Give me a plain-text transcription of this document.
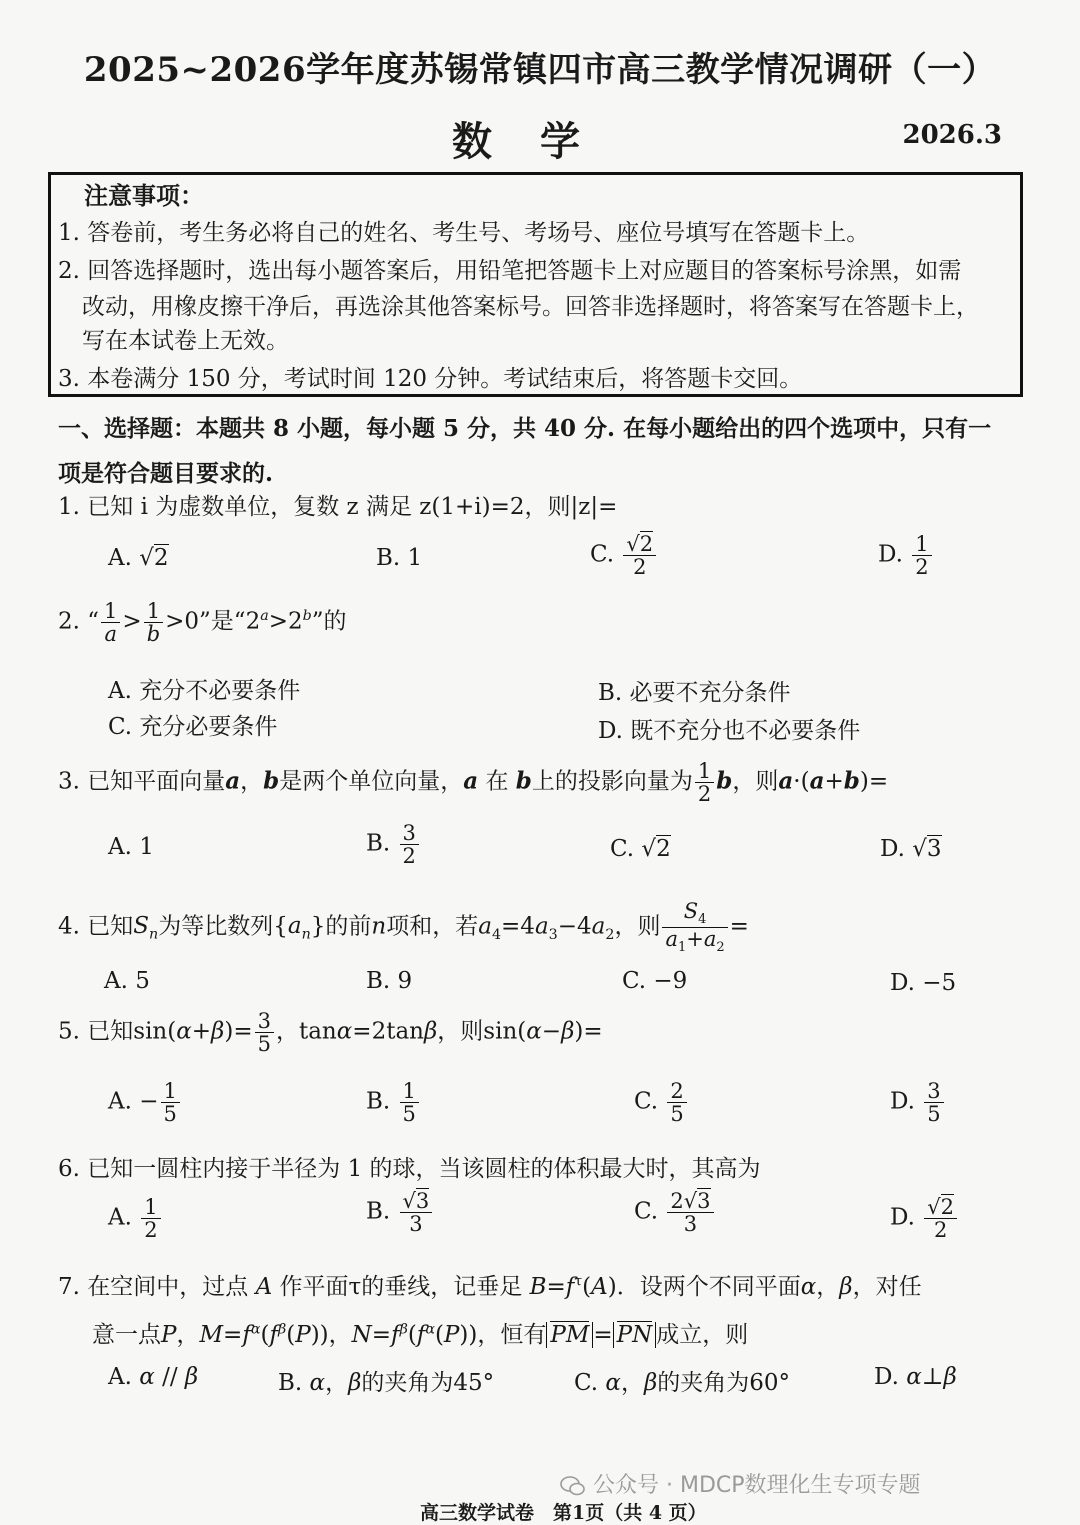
2025~2026学年度苏锡常镇四市高三教学情况调研（一）
数学	2026.3
注意事项：
1. 答卷前，考生务必将自己的姓名、考生号、考场号、座位号填写在答题卡上。
2. 回答选择题时，选出每小题答案后，用铅笔把答题卡上对应题目的答案标号涂黑，如需
改动，用橡皮擦干净后，再选涂其他答案标号。回答非选择题时，将答案写在答题卡上，
写在本试卷上无效。
3. 本卷满分 150 分，考试时间 120 分钟。考试结束后，将答题卡交回。
一、选择题：本题共 8 小题，每小题 5 分，共 40 分. 在每小题给出的四个选项中，只有一
项是符合题目要求的.
1. 已知 i 为虚数单位，复数 z 满足 z(1+i)=2，则|z|=
A. √2	B. 1	C. $\frac{√2}{2}$	D. $\frac{1}{2}$
2. “ $\frac{1}{a} > \frac{1}{b} >0$”是“$2^a>2^b$”的
A. 充分不必要条件	B. 必要不充分条件
C. 充分必要条件	D. 既不充分也不必要条件
3. 已知平面向量a，b是两个单位向量，a 在 b上的投影向量为 $\frac{1}{2}$ b，则a·(a+b)=
A. 1	B. $\frac{3}{2}$	C. √2	D. √3
4. 已知$S_n$为等比数列$\{a_n\}$的前n项和，若$a_4=4a_3-4a_2$，则 $\frac{S_4}{a_1+a_2}$ =
A. 5	B. 9	C. −9	D. −5
5. 已知$\sin(\alpha+\beta)= \frac{3}{5}$ ，tanα=2tanβ，则sin(α−β)=
A. − $\frac{1}{5}$	B. $\frac{1}{5}$	C. $\frac{2}{5}$	D. $\frac{3}{5}$
6. 已知一圆柱内接于半径为 1 的球，当该圆柱的体积最大时，其高为
A. $\frac{1}{2}$	B. $\frac{√3}{3}$	C. $\frac{2√3}{3}$	D. $\frac{√2}{2}$
7. 在空间中，过点 A 作平面τ的垂线，记垂足 $B=f^\tau(A)$．设两个不同平面α，β，对任
意一点P，$M=f^\alpha(f^\beta(P))$，$N=f^\beta(f^\alpha(P))$，恒有 PM = PN 成立，则
A. α // β	B. α，β的夹角为45°	C. α，β的夹角为60°	D. α⊥β
公众号 · MDCP数理化生专项专题
高三数学试卷　第1页（共 4 页）
